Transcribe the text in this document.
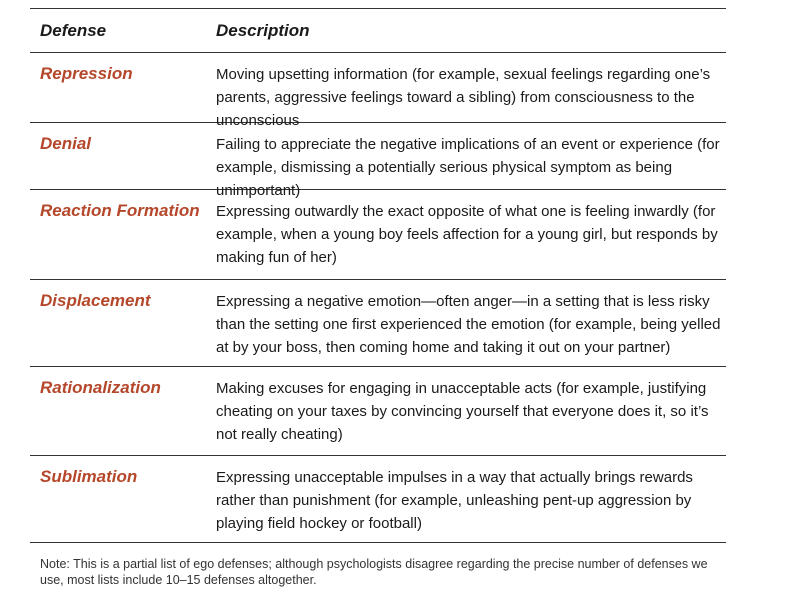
Defense	Description
Repression	Moving upsetting information (for example, sexual feelings regarding one’s parents, aggressive feelings toward a sibling) from consciousness to the unconscious
Denial	Failing to appreciate the negative implications of an event or experience (for example, dismissing a potentially serious physical symptom as being unimportant)
Reaction Formation	Expressing outwardly the exact opposite of what one is feeling inwardly (for example, when a young boy feels affection for a young girl, but responds by making fun of her)
Displacement	Expressing a negative emotion—often anger—in a setting that is less risky than the setting one first experienced the emotion (for example, being yelled at by your boss, then coming home and taking it out on your partner)
Rationalization	Making excuses for engaging in unacceptable acts (for example, justifying cheating on your taxes by convincing yourself that everyone does it, so it’s not really cheating)
Sublimation	Expressing unacceptable impulses in a way that actually brings rewards rather than punishment (for example, unleashing pent-up aggression by playing field hockey or football)
Note: This is a partial list of ego defenses; although psychologists disagree regarding the precise number of defenses we use, most lists include 10–15 defenses altogether.
